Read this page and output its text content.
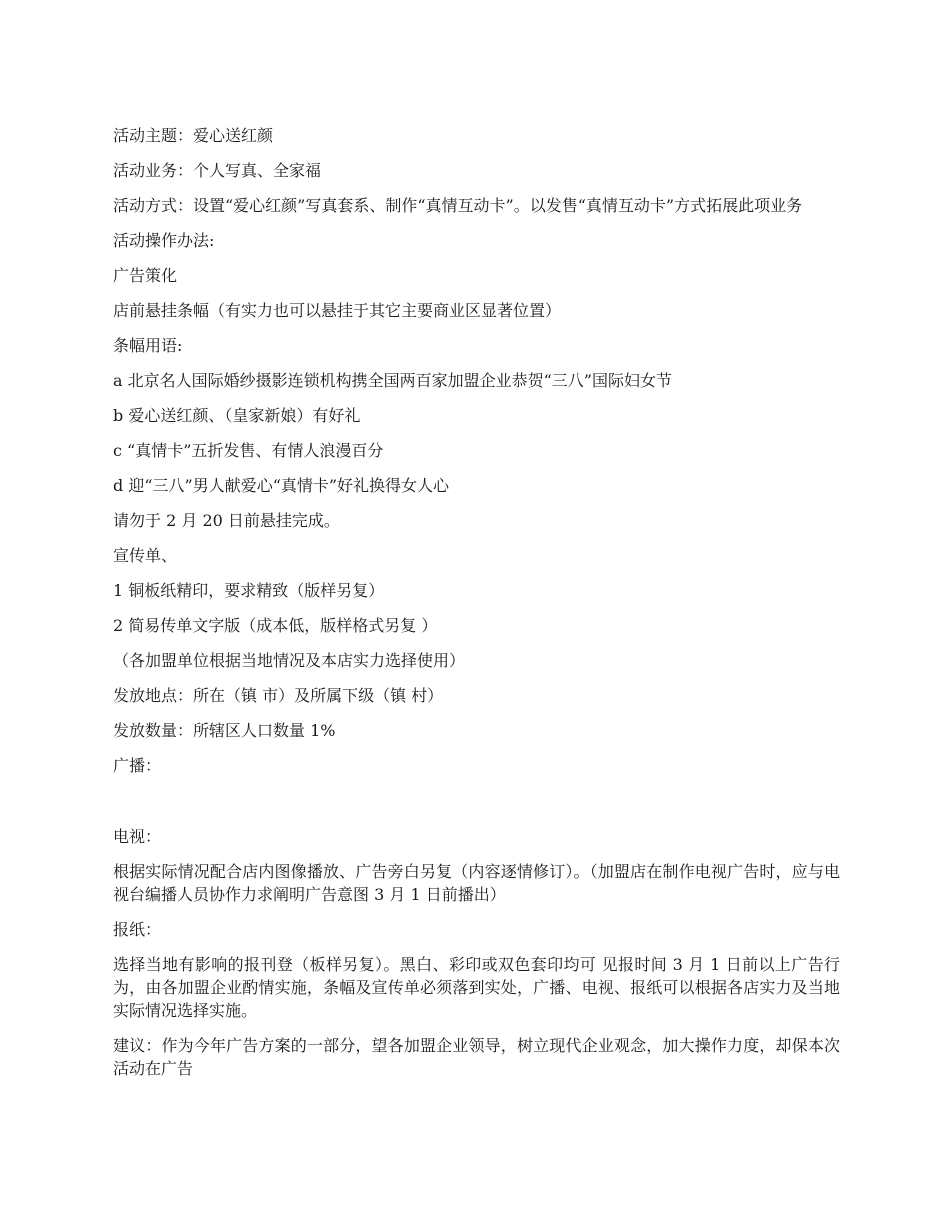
活动主题：爱心送红颜

活动业务：个人写真、全家福

活动方式：设置“爱心红颜”写真套系、制作“真情互动卡”。以发售“真情互动卡”方式拓展此项业务

活动操作办法:

广告策化

店前悬挂条幅（有实力也可以悬挂于其它主要商业区显著位置）

条幅用语:

a 北京名人国际婚纱摄影连锁机构携全国两百家加盟企业恭贺“三八”国际妇女节

b 爱心送红颜、（皇家新娘）有好礼

c “真情卡”五折发售、有情人浪漫百分

d 迎“三八”男人献爱心“真情卡”好礼换得女人心

请勿于 2 月 20 日前悬挂完成。

宣传单、

1 铜板纸精印，要求精致（版样另复）

2 简易传单文字版（成本低，版样格式另复 ）

（各加盟单位根据当地情况及本店实力选择使用）

发放地点：所在（镇 市）及所属下级（镇 村）

发放数量：所辖区人口数量 1%

广播：

电视：

根据实际情况配合店内图像播放、广告旁白另复（内容逐情修订）。（加盟店在制作电视广告时，应与电视台编播人员协作力求阐明广告意图 3 月 1 日前播出）

报纸：

选择当地有影响的报刊登（板样另复）。黑白、彩印或双色套印均可 见报时间 3 月 1 日前以上广告行为，由各加盟企业酌情实施，条幅及宣传单必须落到实处，广播、电视、报纸可以根据各店实力及当地实际情况选择实施。

建议：作为今年广告方案的一部分，望各加盟企业领导，树立现代企业观念，加大操作力度，却保本次活动在广告
